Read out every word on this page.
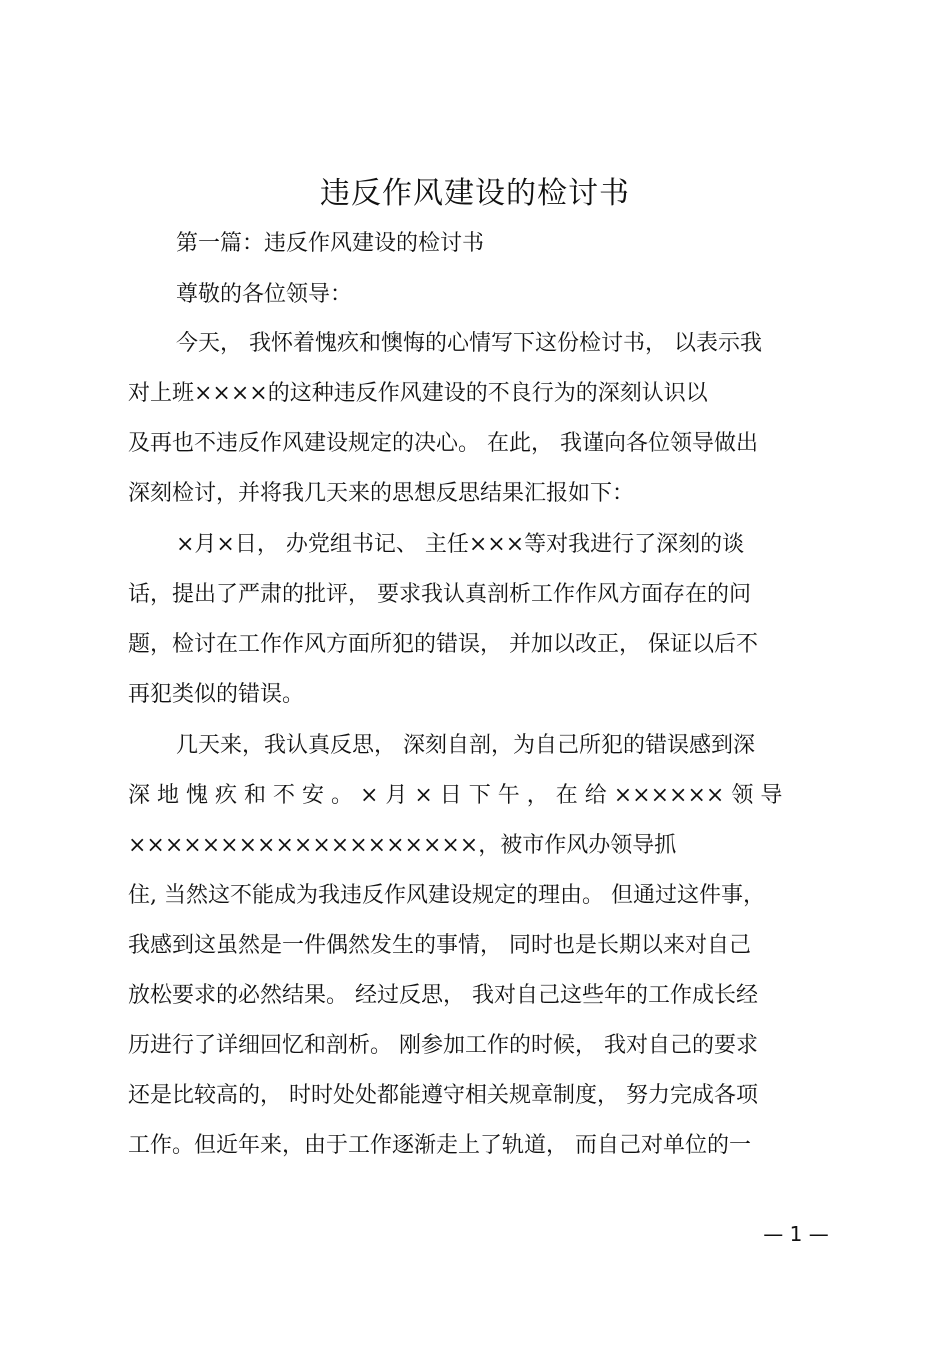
违反作风建设的检讨书
第一篇：违反作风建设的检讨书
尊敬的各位领导：
今天， 我怀着愧疚和懊悔的心情写下这份检讨书， 以表示我
对上班××××的这种违反作风建设的不良行为的深刻认识以
及再也不违反作风建设规定的决心。 在此， 我谨向各位领导做出
深刻检讨，并将我几天来的思想反思结果汇报如下：
×月×日， 办党组书记、 主任×××等对我进行了深刻的谈
话，提出了严肃的批评， 要求我认真剖析工作作风方面存在的问
题，检讨在工作作风方面所犯的错误， 并加以改正， 保证以后不
再犯类似的错误。
几天来，我认真反思， 深刻自剖，为自己所犯的错误感到深
深 地 愧 疚 和 不 安 。 × 月 × 日 下 午 ， 在 给 ×××××× 领 导
×××××××××××××××××××，被市作风办领导抓
住, 当然这不能成为我违反作风建设规定的理由。 但通过这件事，
我感到这虽然是一件偶然发生的事情， 同时也是长期以来对自己
放松要求的必然结果。 经过反思， 我对自己这些年的工作成长经
历进行了详细回忆和剖析。 刚参加工作的时候， 我对自己的要求
还是比较高的， 时时处处都能遵守相关规章制度， 努力完成各项
工作。但近年来，由于工作逐渐走上了轨道， 而自己对单位的一
— 1 —
